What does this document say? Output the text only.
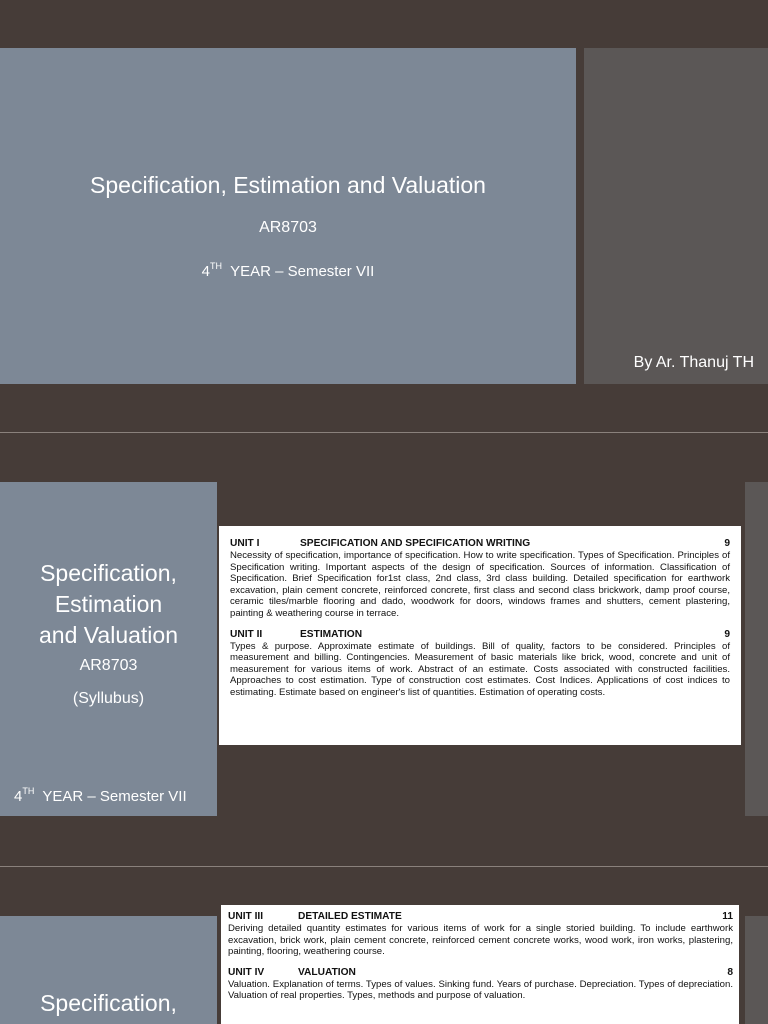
Specification, Estimation and Valuation
AR8703
4TH  YEAR – Semester VII
By Ar. Thanuj TH
Specification,
Estimation
and Valuation
AR8703
(Syllubus)
4TH  YEAR – Semester VII
UNIT I	SPECIFICATION AND SPECIFICATION WRITING	9

Necessity of specification, importance of specification. How to write specification. Types of Specification. Principles of Specification writing. Important aspects of the design of specification. Sources of information. Classification of Specification. Brief Specification for1st class, 2nd class, 3rd class building. Detailed specification for earthwork excavation, plain cement concrete, reinforced concrete, first class and second class brickwork, damp proof course, ceramic tiles/marble flooring and dado, woodwork for doors, windows frames and shutters, cement plastering, painting & weathering course in terrace.

UNIT II	ESTIMATION	9

Types & purpose. Approximate estimate of buildings. Bill of quality, factors to be considered. Principles of measurement and billing. Contingencies. Measurement of basic materials like brick, wood, concrete and unit of measurement for various items of work. Abstract of an estimate. Costs associated with constructed facilities. Approaches to cost estimation. Type of construction cost estimates. Cost Indices. Applications of cost indices to estimating. Estimate based on engineer's list of quantities. Estimation of operating costs.

Specification,
UNIT III	DETAILED ESTIMATE	11

Deriving detailed quantity estimates for various items of work for a single storied building. To include earthwork excavation, brick work, plain cement concrete, reinforced cement concrete works, wood work, iron works, plastering, painting, flooring, weathering course.

UNIT IV	VALUATION	8

Valuation. Explanation of terms. Types of values. Sinking fund. Years of purchase. Depreciation. Types of depreciation. Valuation of real properties. Types, methods and purpose of valuation.
